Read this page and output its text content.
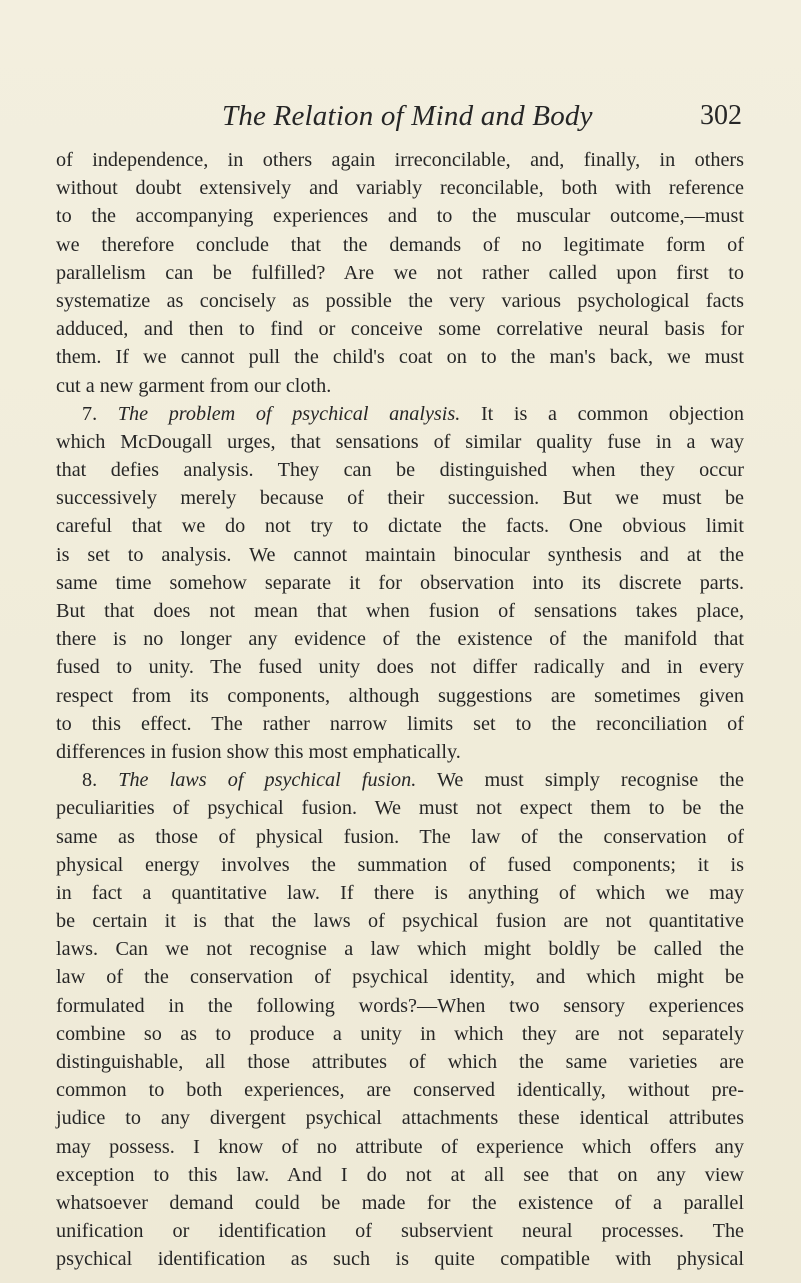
The Relation of Mind and Body	302
of independence, in others again irreconcilable, and, finally, in others
without doubt extensively and variably reconcilable, both with reference
to the accompanying experiences and to the muscular outcome,—must
we therefore conclude that the demands of no legitimate form of
parallelism can be fulfilled? Are we not rather called upon first to
systematize as concisely as possible the very various psychological facts
adduced, and then to find or conceive some correlative neural basis for
them. If we cannot pull the child's coat on to the man's back, we must
cut a new garment from our cloth.
7. The problem of psychical analysis. It is a common objection
which McDougall urges, that sensations of similar quality fuse in a way
that defies analysis. They can be distinguished when they occur
successively merely because of their succession. But we must be
careful that we do not try to dictate the facts. One obvious limit
is set to analysis. We cannot maintain binocular synthesis and at the
same time somehow separate it for observation into its discrete parts.
But that does not mean that when fusion of sensations takes place,
there is no longer any evidence of the existence of the manifold that
fused to unity. The fused unity does not differ radically and in every
respect from its components, although suggestions are sometimes given
to this effect. The rather narrow limits set to the reconciliation of
differences in fusion show this most emphatically.
8. The laws of psychical fusion. We must simply recognise the
peculiarities of psychical fusion. We must not expect them to be the
same as those of physical fusion. The law of the conservation of
physical energy involves the summation of fused components; it is
in fact a quantitative law. If there is anything of which we may
be certain it is that the laws of psychical fusion are not quantitative
laws. Can we not recognise a law which might boldly be called the
law of the conservation of psychical identity, and which might be
formulated in the following words?—When two sensory experiences
combine so as to produce a unity in which they are not separately
distinguishable, all those attributes of which the same varieties are
common to both experiences, are conserved identically, without pre-
judice to any divergent psychical attachments these identical attributes
may possess. I know of no attribute of experience which offers any
exception to this law. And I do not at all see that on any view
whatsoever demand could be made for the existence of a parallel
unification or identification of subservient neural processes. The
psychical identification as such is quite compatible with physical
